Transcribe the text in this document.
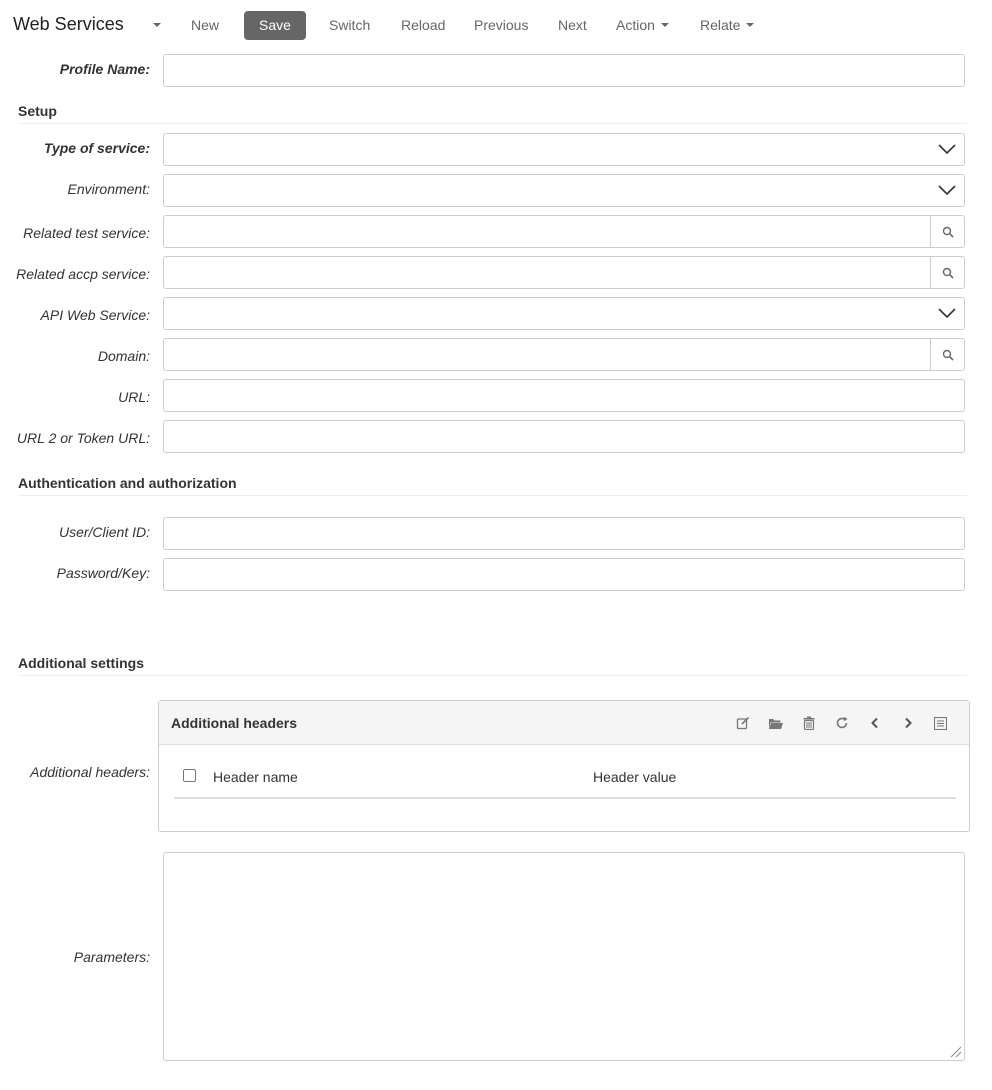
Web Services	New	Save	Switch	Reload	Previous	Next	Action	Relate
Profile Name:
Setup
Type of service:
Environment:
Related test service:
Related accp service:
API Web Service:
Domain:
URL:
URL 2 or Token URL:
Authentication and authorization
User/Client ID:
Password/Key:
Additional settings
Additional headers:
Additional headers
Header name	Header value
Parameters:
